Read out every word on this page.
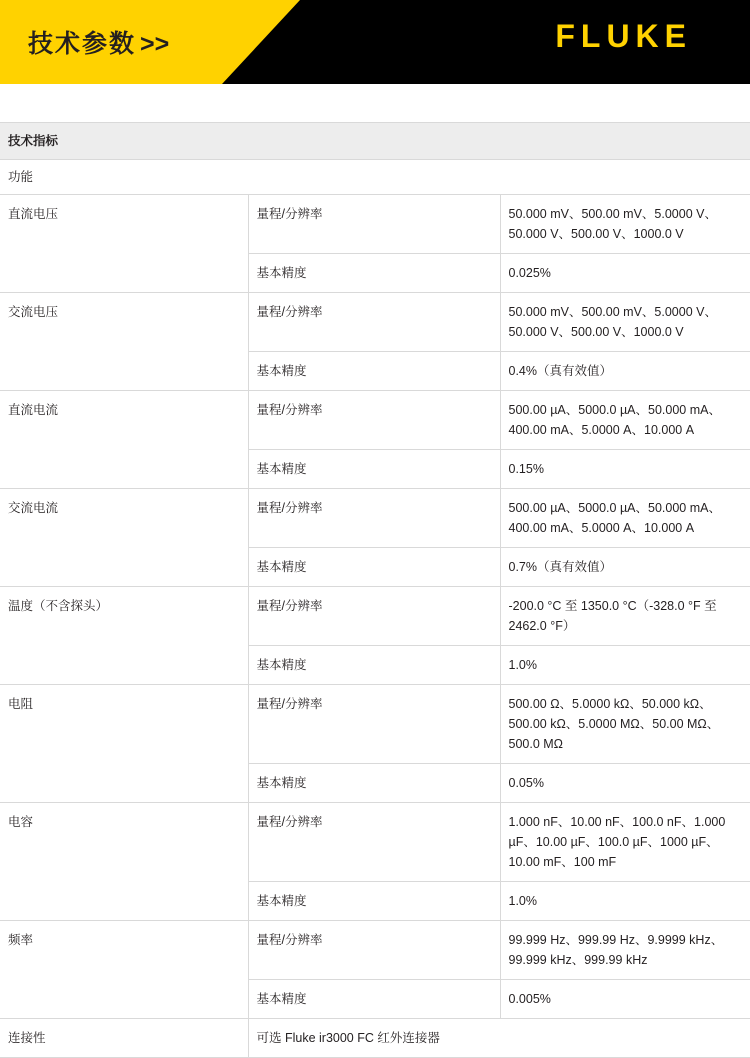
技术参数 >>	FLUKE
技术指标		
功能		
直流电压	量程/分辨率	50.000 mV、500.00 mV、5.0000 V、50.000 V、500.00 V、1000.0 V
	基本精度	0.025%
交流电压	量程/分辨率	50.000 mV、500.00 mV、5.0000 V、50.000 V、500.00 V、1000.0 V
	基本精度	0.4%（真有效值）
直流电流	量程/分辨率	500.00 µA、5000.0 µA、50.000 mA、400.00 mA、5.0000 A、10.000 A
	基本精度	0.15%
交流电流	量程/分辨率	500.00 µA、5000.0 µA、50.000 mA、400.00 mA、5.0000 A、10.000 A
	基本精度	0.7%（真有效值）
温度（不含探头）	量程/分辨率	-200.0 °C 至 1350.0 °C（-328.0 °F 至 2462.0 °F）
	基本精度	1.0%
电阻	量程/分辨率	500.00 Ω、5.0000 kΩ、50.000 kΩ、500.00 kΩ、5.0000 MΩ、50.00 MΩ、500.0 MΩ
	基本精度	0.05%
电容	量程/分辨率	1.000 nF、10.00 nF、100.0 nF、1.000 µF、10.00 µF、100.0 µF、1000 µF、10.00 mF、100 mF
	基本精度	1.0%
频率	量程/分辨率	99.999 Hz、999.99 Hz、9.9999 kHz、99.999 kHz、999.99 kHz
	基本精度	0.005%
连接性	可选 Fluke ir3000 FC 红外连接器	
